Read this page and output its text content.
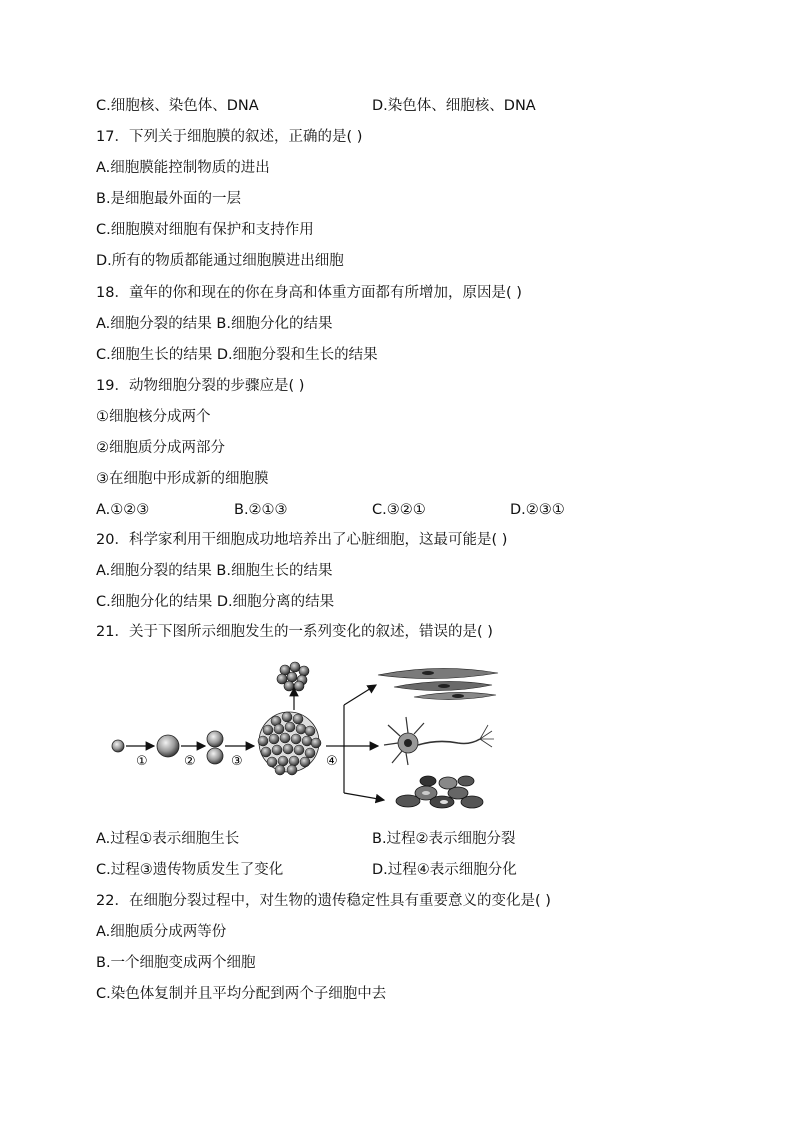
C.细胞核、染色体、DNA	D.染色体、细胞核、DNA
17．下列关于细胞膜的叙述，正确的是( )
A.细胞膜能控制物质的进出
B.是细胞最外面的一层
C.细胞膜对细胞有保护和支持作用
D.所有的物质都能通过细胞膜进出细胞
18．童年的你和现在的你在身高和体重方面都有所增加，原因是( )
A.细胞分裂的结果 B.细胞分化的结果
C.细胞生长的结果 D.细胞分裂和生长的结果
19．动物细胞分裂的步骤应是( )
①细胞核分成两个
②细胞质分成两部分
③在细胞中形成新的细胞膜
A.①②③	B.②①③	C.③②①	D.②③①
20．科学家利用干细胞成功地培养出了心脏细胞，这最可能是( )
A.细胞分裂的结果 B.细胞生长的结果
C.细胞分化的结果 D.细胞分离的结果
21．关于下图所示细胞发生的一系列变化的叙述，错误的是( )
①	②	③	④
A.过程①表示细胞生长	B.过程②表示细胞分裂
C.过程③遗传物质发生了变化	D.过程④表示细胞分化
22．在细胞分裂过程中，对生物的遗传稳定性具有重要意义的变化是( )
A.细胞质分成两等份
B.一个细胞变成两个细胞
C.染色体复制并且平均分配到两个子细胞中去
